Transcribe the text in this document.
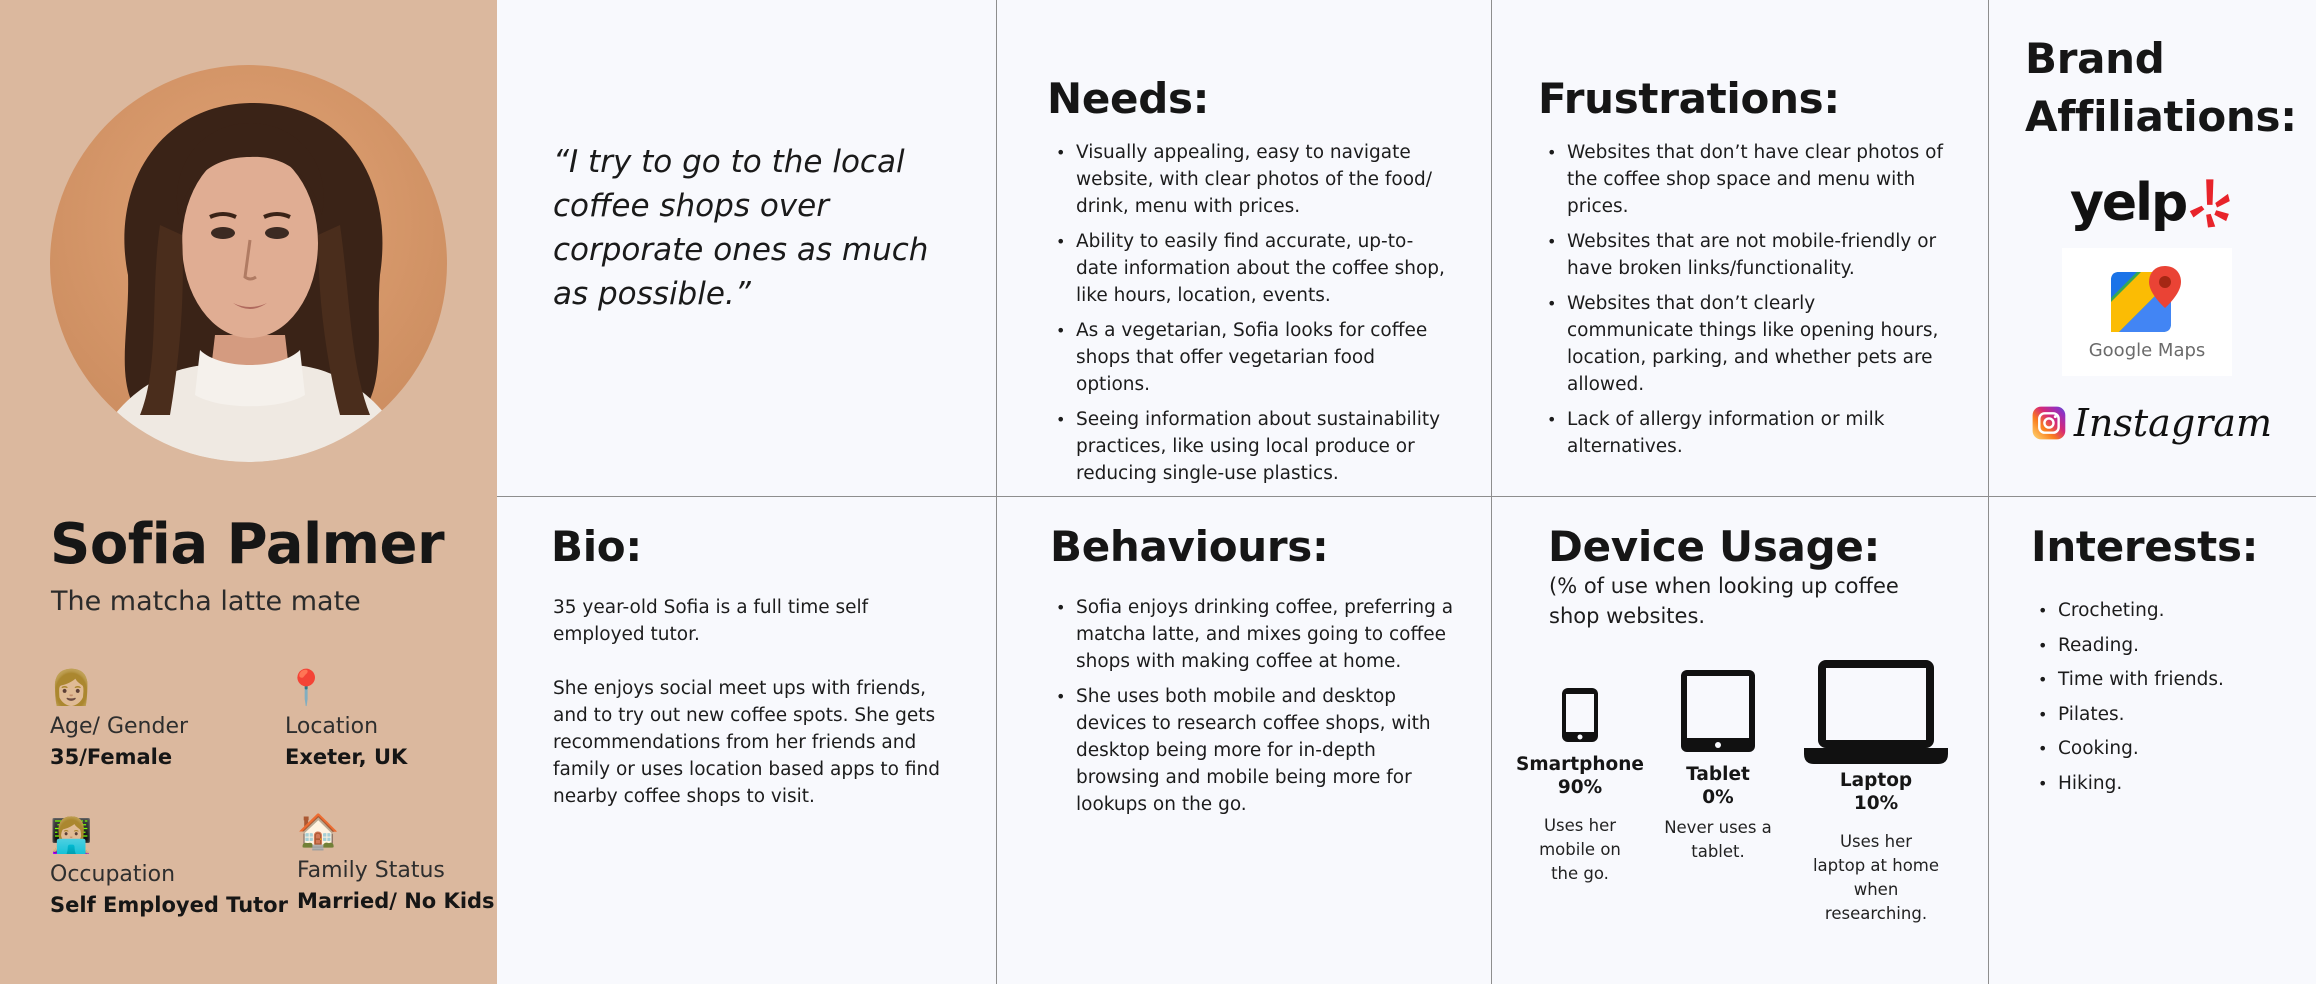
Sofia Palmer
The matcha latte mate
👩🏼
Age/ Gender
35/Female
📍
Location
Exeter, UK
👩🏼‍💻
Occupation
Self Employed Tutor
🏠
Family Status
Married/ No Kids
“I try to go to the local coffee shops over corporate ones as much as possible.”
Needs:
• Visually appealing, easy to navigate website, with clear photos of the food/ drink, menu with prices.
• Ability to easily find accurate, up-to-date information about the coffee shop, like hours, location, events.
• As a vegetarian, Sofia looks for coffee shops that offer vegetarian food options.
• Seeing information about sustainability practices, like using local produce or reducing single-use plastics.
Frustrations:
• Websites that don’t have clear photos of the coffee shop space and menu with prices.
• Websites that are not mobile-friendly or have broken links/functionality.
• Websites that don’t clearly communicate things like opening hours, location, parking, and whether pets are allowed.
• Lack of allergy information or milk alternatives.
Brand
Affiliations:
yelp
Google Maps
Instagram
Bio:

35 year-old Sofia is a full time self employed tutor.

She enjoys social meet ups with friends, and to try out new coffee spots. She gets recommendations from her friends and family or uses location based apps to find nearby coffee shops to visit.

Behaviours:
• Sofia enjoys drinking coffee, preferring a matcha latte, and mixes going to coffee shops with making coffee at home.
• She uses both mobile and desktop devices to research coffee shops, with desktop being more for in-depth browsing and mobile being more for lookups on the go.
Device Usage:
(% of use when looking up coffee shop websites.
Smartphone
90%
Uses her mobile on the go.
Tablet
0%
Never uses a tablet.
Laptop
10%
Uses her laptop at home when researching.
Interests:
• Crocheting.
• Reading.
• Time with friends.
• Pilates.
• Cooking.
• Hiking.
